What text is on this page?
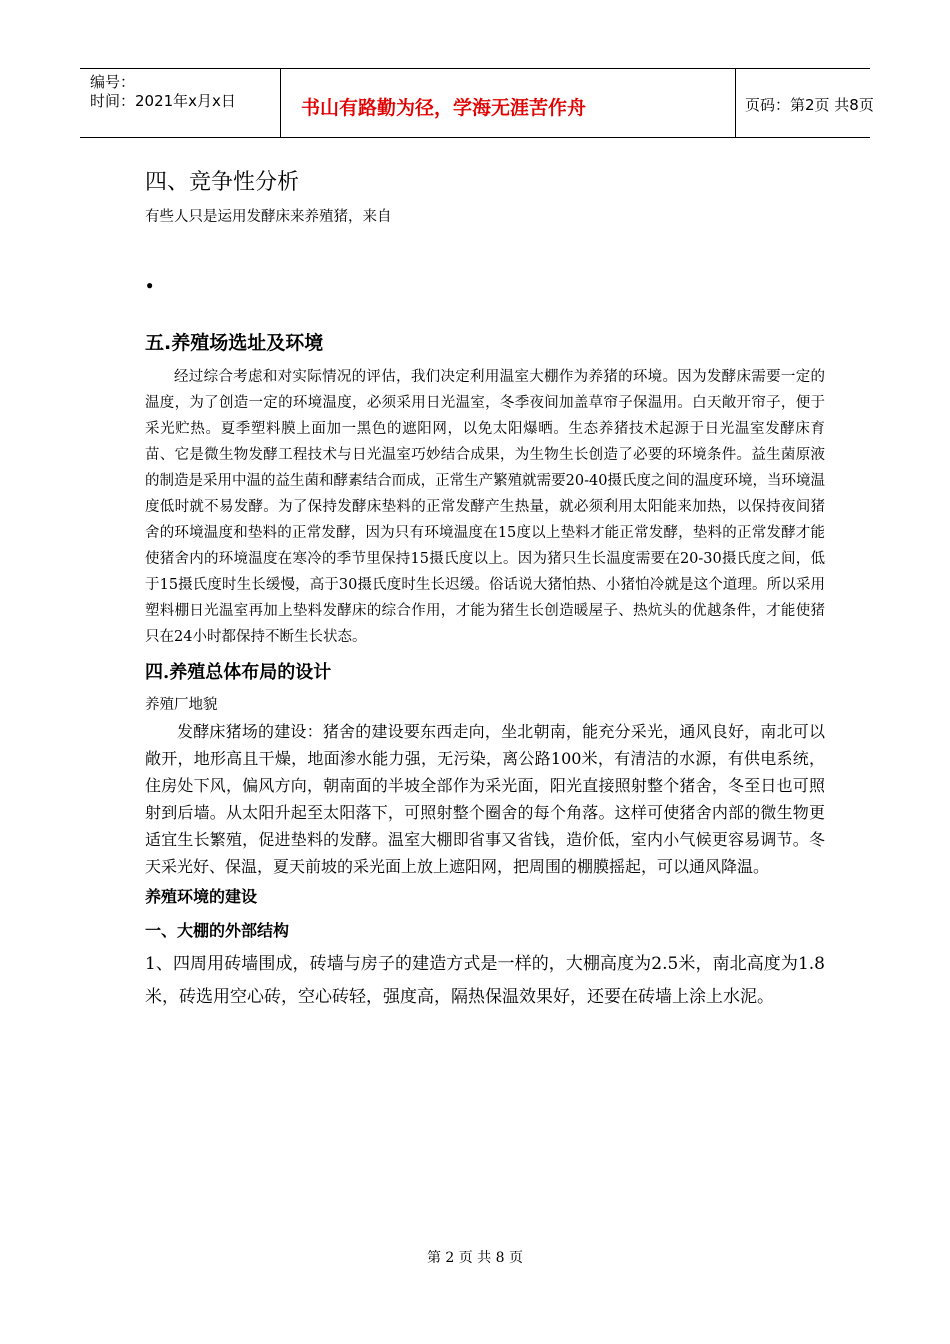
编号：
时间：2021年x月x日	书山有路勤为径，学海无涯苦作舟	页码：第2页 共8页
四、竞争性分析

有些人只是运用发酵床来养殖猪，来自

•

五.养殖场选址及环境

经过综合考虑和对实际情况的评估，我们决定利用温室大棚作为养猪的环境。因为发酵床需要一定的温度，为了创造一定的环境温度，必须采用日光温室，冬季夜间加盖草帘子保温用。白天敞开帘子，便于采光贮热。夏季塑料膜上面加一黑色的遮阳网，以免太阳爆晒。生态养猪技术起源于日光温室发酵床育苗、它是微生物发酵工程技术与日光温室巧妙结合成果，为生物生长创造了必要的环境条件。益生菌原液的制造是采用中温的益生菌和酵素结合而成，正常生产繁殖就需要20-40摄氏度之间的温度环境，当环境温度低时就不易发酵。为了保持发酵床垫料的正常发酵产生热量，就必须利用太阳能来加热，以保持夜间猪舍的环境温度和垫料的正常发酵，因为只有环境温度在15度以上垫料才能正常发酵，垫料的正常发酵才能使猪舍内的环境温度在寒冷的季节里保持15摄氏度以上。因为猪只生长温度需要在20-30摄氏度之间，低于15摄氏度时生长缓慢，高于30摄氏度时生长迟缓。俗话说大猪怕热、小猪怕冷就是这个道理。所以采用塑料棚日光温室再加上垫料发酵床的综合作用，才能为猪生长创造暖屋子、热炕头的优越条件，才能使猪只在24小时都保持不断生长状态。

四.养殖总体布局的设计

养殖厂地貌

发酵床猪场的建设：猪舍的建设要东西走向，坐北朝南，能充分采光，通风良好，南北可以敞开，地形高且干燥，地面渗水能力强，无污染，离公路100米，有清洁的水源，有供电系统，住房处下风，偏风方向，朝南面的半坡全部作为采光面，阳光直接照射整个猪舍，冬至日也可照射到后墙。从太阳升起至太阳落下，可照射整个圈舍的每个角落。这样可使猪舍内部的微生物更适宜生长繁殖，促进垫料的发酵。温室大棚即省事又省钱，造价低，室内小气候更容易调节。冬天采光好、保温，夏天前坡的采光面上放上遮阳网，把周围的棚膜摇起，可以通风降温。

养殖环境的建设

一、大棚的外部结构

1、四周用砖墙围成，砖墙与房子的建造方式是一样的，大棚高度为2.5米，南北高度为1.8米，砖选用空心砖，空心砖轻，强度高，隔热保温效果好，还要在砖墙上涂上水泥。

第 2 页 共 8 页
